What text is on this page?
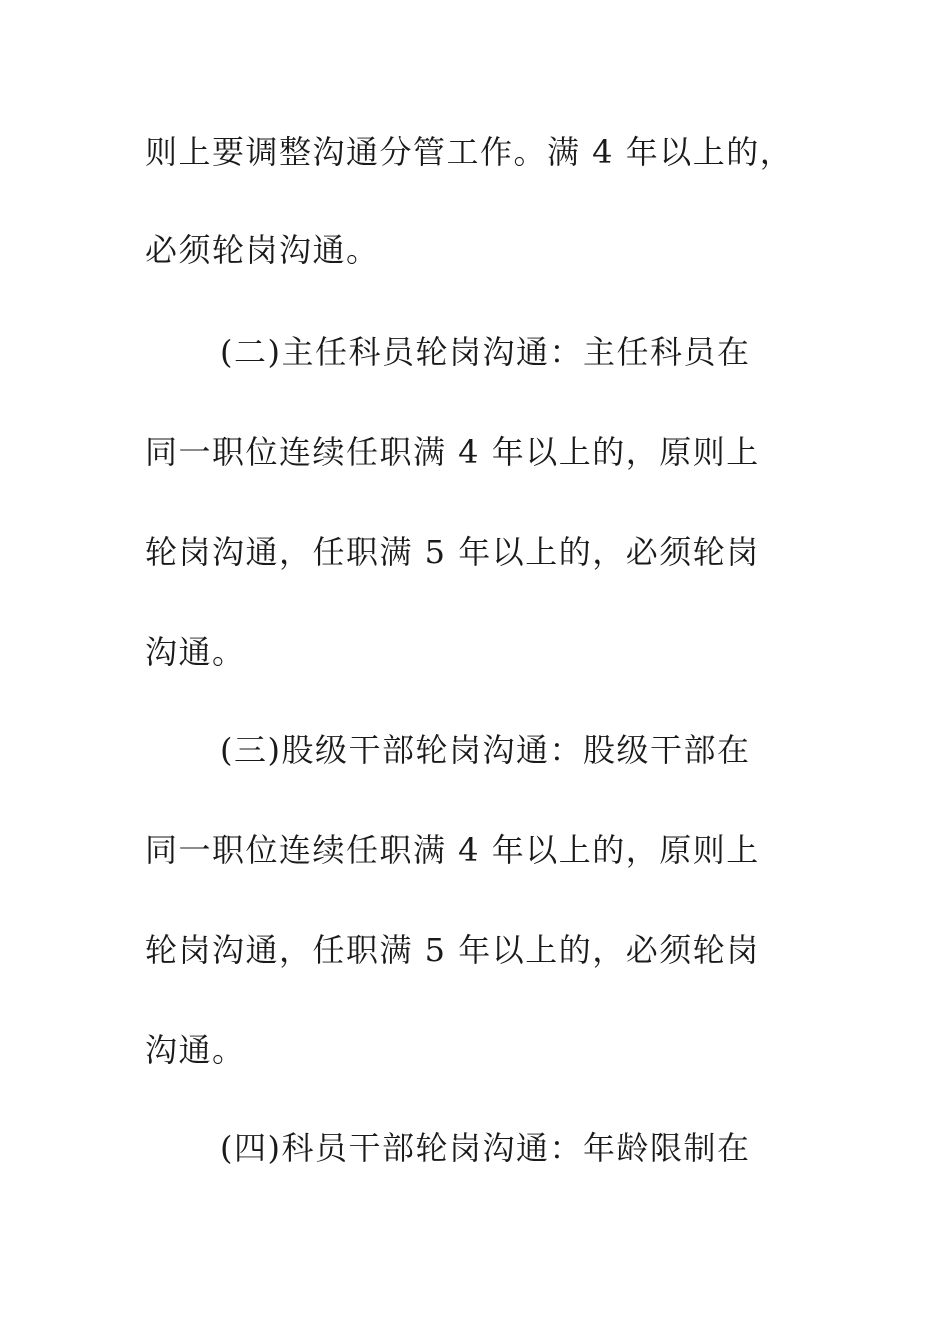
则上要调整沟通分管工作。满 4 年以上的，
必须轮岗沟通。
(二)主任科员轮岗沟通：主任科员在
同一职位连续任职满 4 年以上的，原则上
轮岗沟通，任职满 5 年以上的，必须轮岗
沟通。
(三)股级干部轮岗沟通：股级干部在
同一职位连续任职满 4 年以上的，原则上
轮岗沟通，任职满 5 年以上的，必须轮岗
沟通。
(四)科员干部轮岗沟通：年龄限制在
